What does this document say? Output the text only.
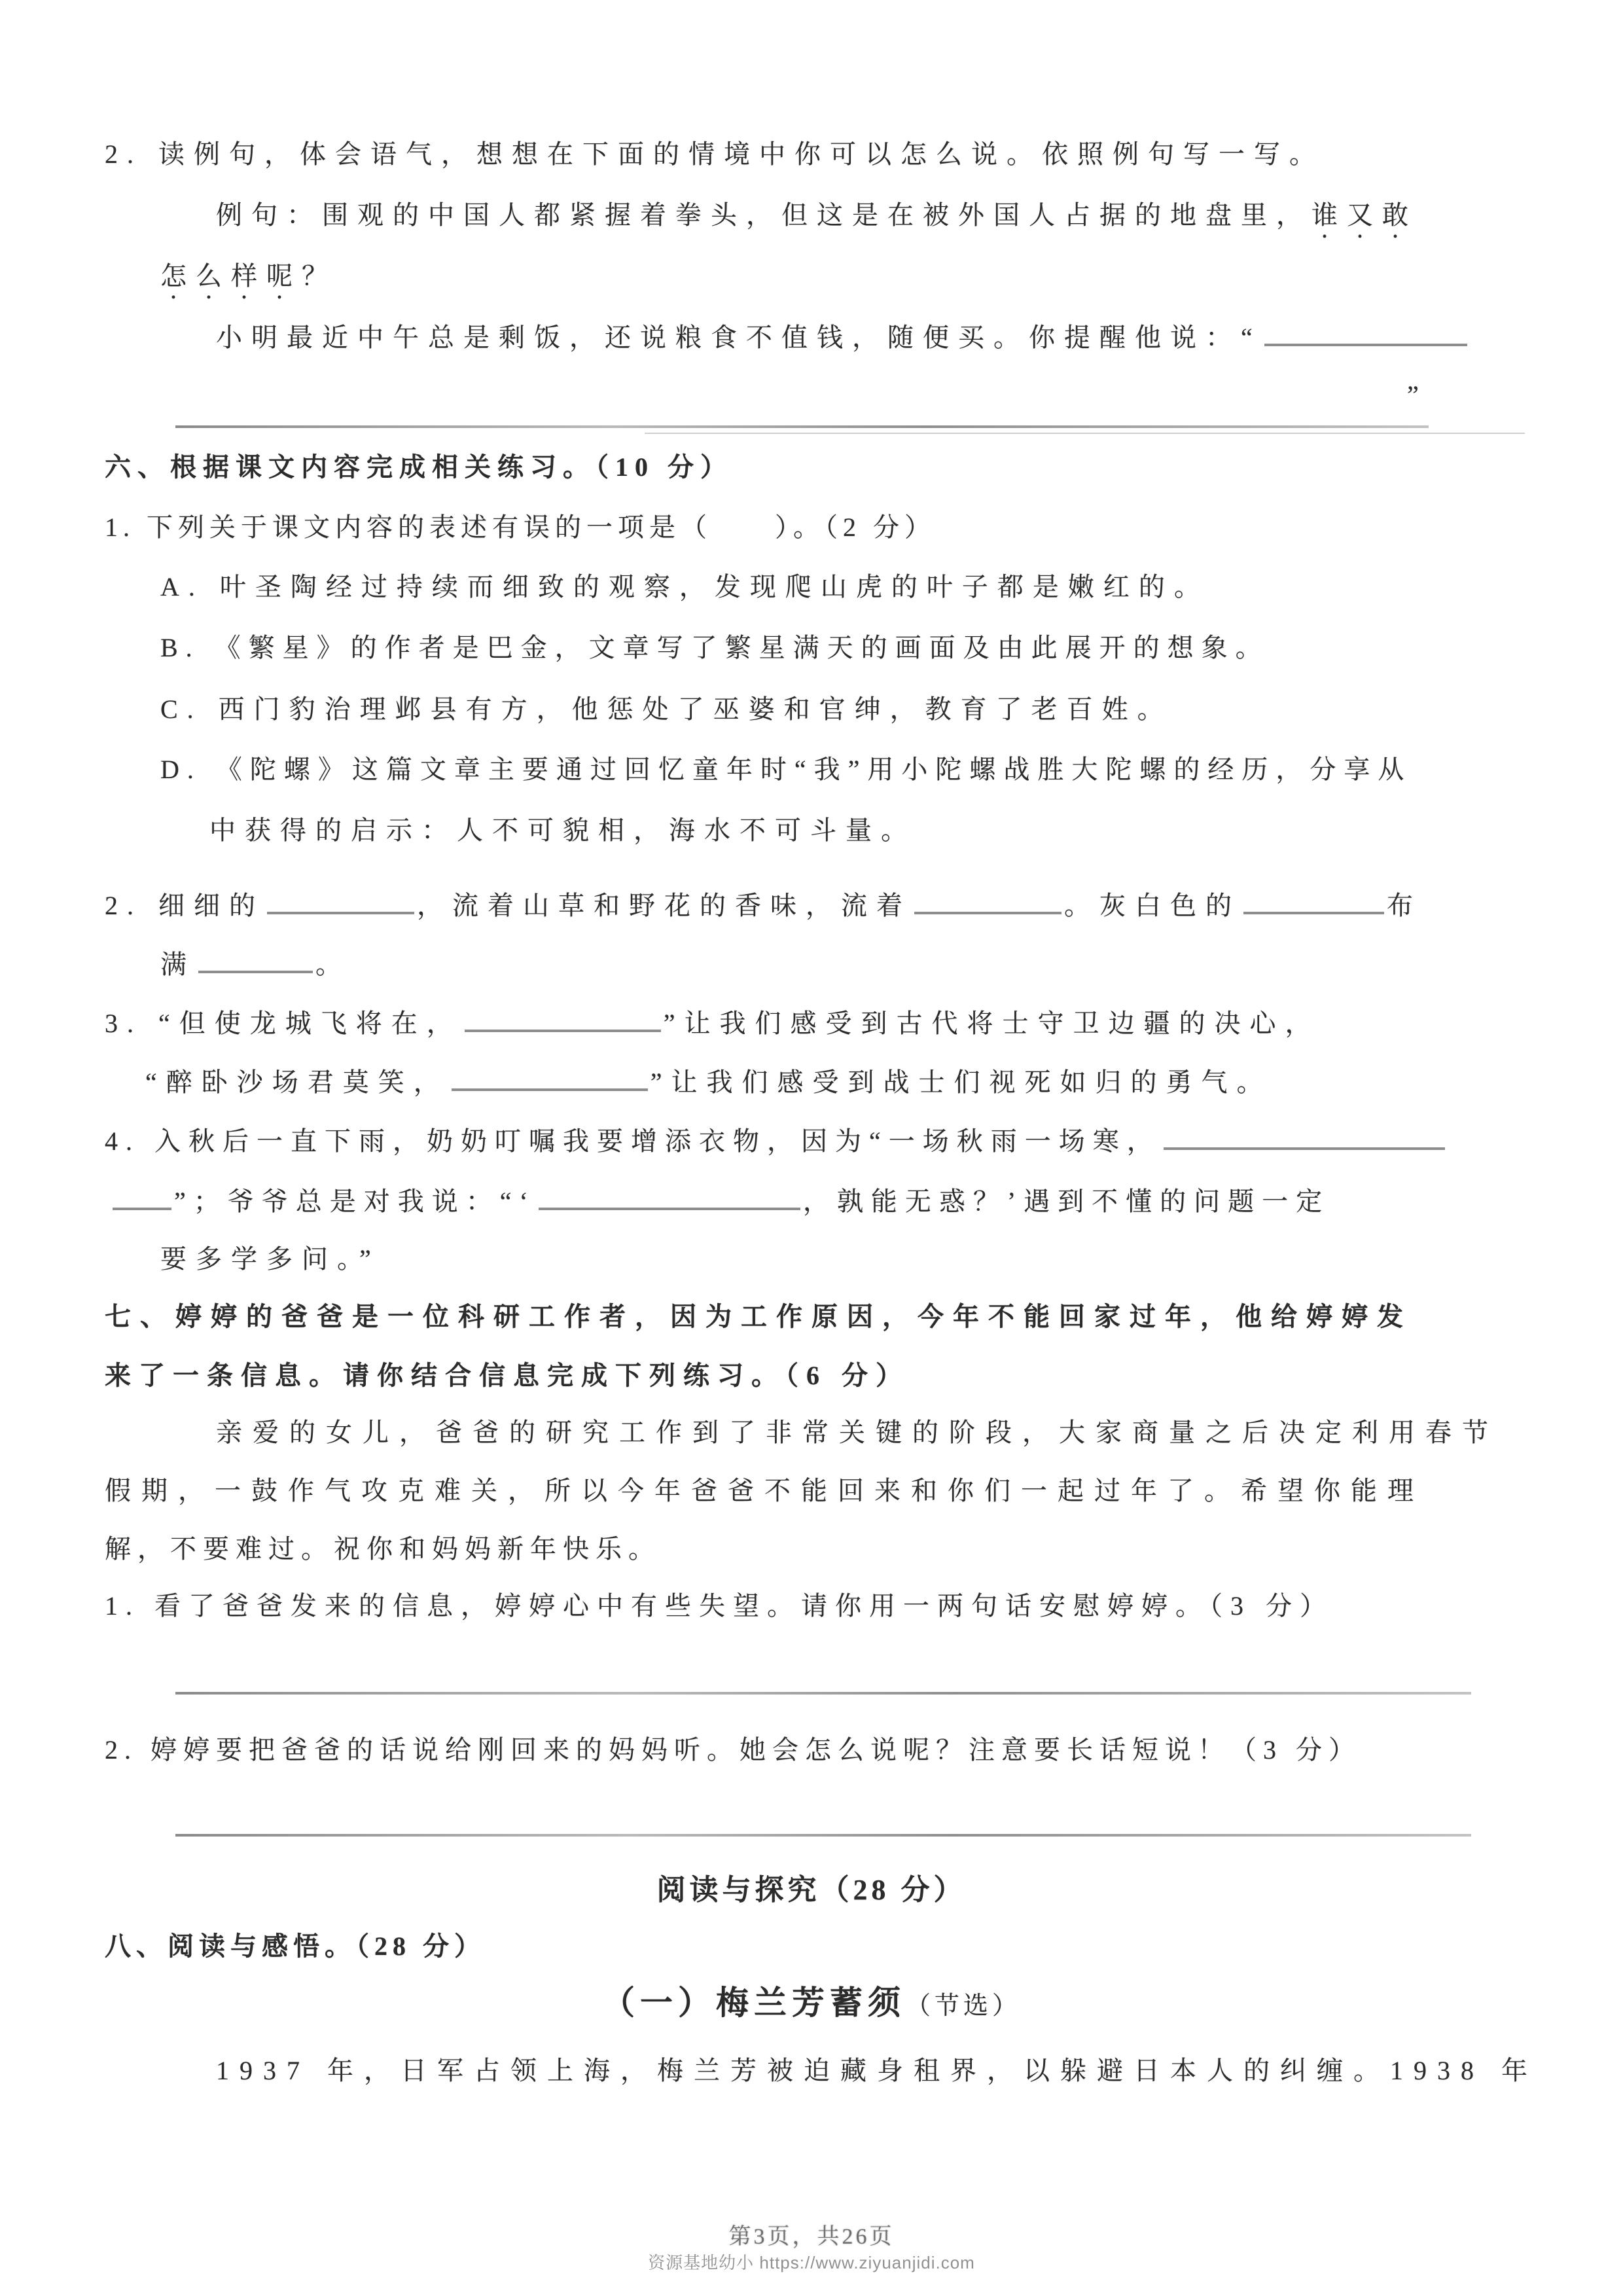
2. 读例句，体会语气，想想在下面的情境中你可以怎么说。依照例句写一写。
例句：围观的中国人都紧握着拳头，但这是在被外国人占据的地盘里，谁又敢
怎么样呢？
小明最近中午总是剩饭，还说粮食不值钱，随便买。你提醒他说：“
”
六、根据课文内容完成相关练习。（10 分）
1. 下列关于课文内容的表述有误的一项是（　　）。（2 分）
A. 叶圣陶经过持续而细致的观察，发现爬山虎的叶子都是嫩红的。
B. 《繁星》的作者是巴金，文章写了繁星满天的画面及由此展开的想象。
C. 西门豹治理邺县有方，他惩处了巫婆和官绅，教育了老百姓。
D. 《陀螺》这篇文章主要通过回忆童年时“我”用小陀螺战胜大陀螺的经历，分享从
中获得的启示：人不可貌相，海水不可斗量。
2. 细细的	，流着山草和野花的香味，流着	。灰白色的	布
满	。
3. “但使龙城飞将在，	”让我们感受到古代将士守卫边疆的决心，
“醉卧沙场君莫笑，	”让我们感受到战士们视死如归的勇气。
4. 入秋后一直下雨，奶奶叮嘱我要增添衣物，因为“一场秋雨一场寒，
”；爷爷总是对我说：“‘	，孰能无惑？’遇到不懂的问题一定
要多学多问。”
七、婷婷的爸爸是一位科研工作者，因为工作原因，今年不能回家过年，他给婷婷发
来了一条信息。请你结合信息完成下列练习。（6 分）
亲爱的女儿，爸爸的研究工作到了非常关键的阶段，大家商量之后决定利用春节
假期，一鼓作气攻克难关，所以今年爸爸不能回来和你们一起过年了。希望你能理
解，不要难过。祝你和妈妈新年快乐。
1. 看了爸爸发来的信息，婷婷心中有些失望。请你用一两句话安慰婷婷。（3 分）
2. 婷婷要把爸爸的话说给刚回来的妈妈听。她会怎么说呢？注意要长话短说！（3 分）
阅读与探究（28 分）
八、阅读与感悟。（28 分）
（一）梅兰芳蓄须（节选）
1937 年，日军占领上海，梅兰芳被迫藏身租界，以躲避日本人的纠缠。1938 年
第3页，共26页
资源基地幼小 https://www.ziyuanjidi.com
